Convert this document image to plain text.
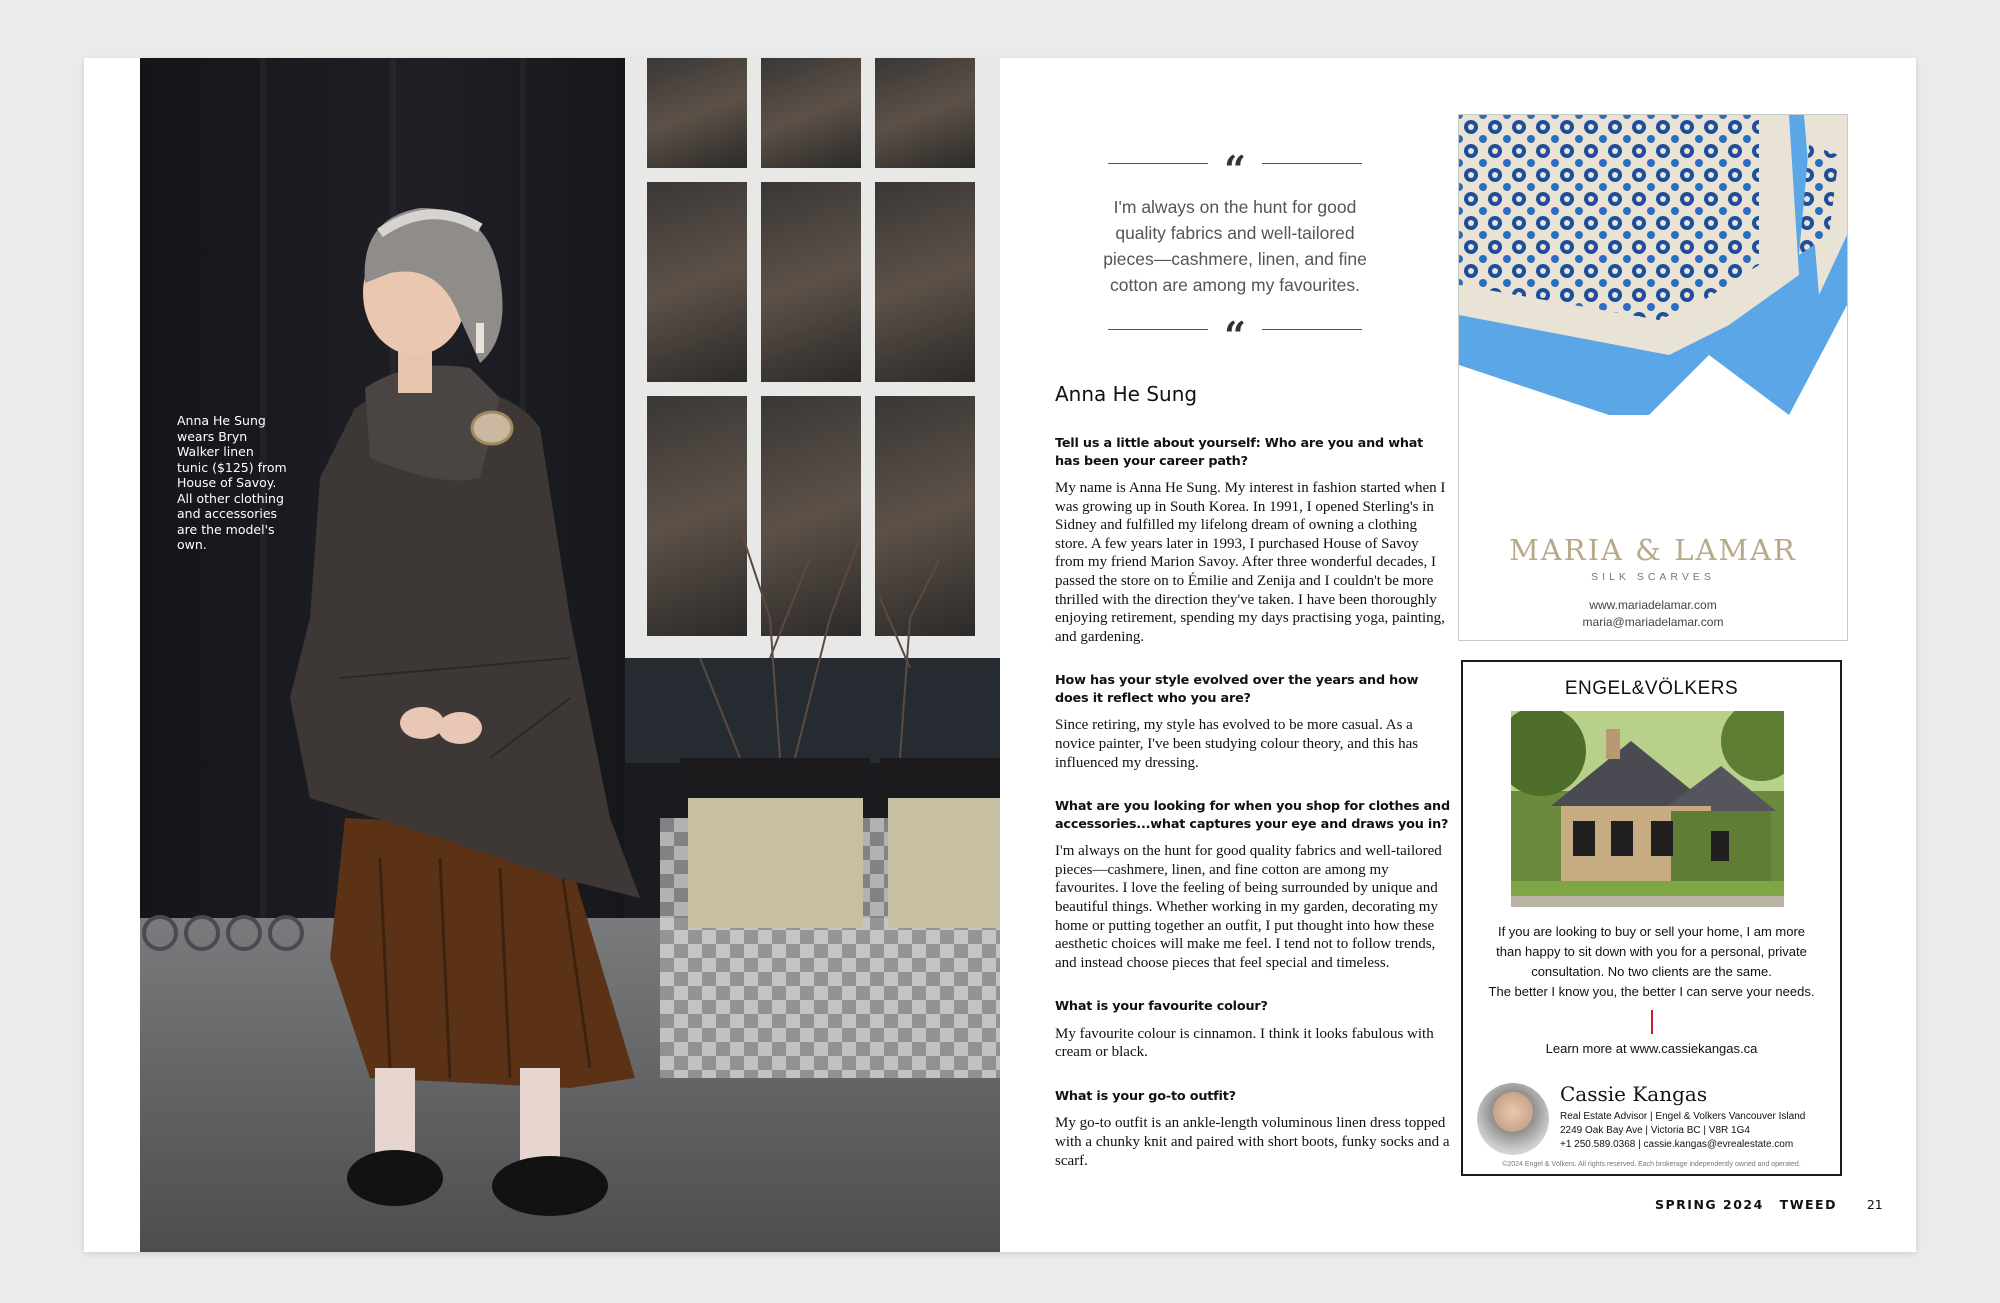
Anna He Sung wears Bryn Walker linen tunic ($125) from House of Savoy. All other clothing and accessories are the model's own.
“
I'm always on the hunt for good quality fabrics and well-tailored pieces—cashmere, linen, and fine cotton are among my favourites.
“
Anna He Sung
Tell us a little about yourself: Who are you and what has been your career path?
My name is Anna He Sung. My interest in fashion started when I was growing up in South Korea. In 1991, I opened Sterling's in Sidney and fulfilled my lifelong dream of owning a clothing store. A few years later in 1993, I purchased House of Savoy from my friend Marion Savoy. After three wonderful decades, I passed the store on to Émilie and Zenija and I couldn't be more thrilled with the direction they've taken. I have been thoroughly enjoying retirement, spending my days practising yoga, painting, and gardening.
How has your style evolved over the years and how does it reflect who you are?
Since retiring, my style has evolved to be more casual. As a novice painter, I've been studying colour theory, and this has influenced my dressing.
What are you looking for when you shop for clothes and accessories...what captures your eye and draws you in?
I'm always on the hunt for good quality fabrics and well-tailored pieces—cashmere, linen, and fine cotton are among my favourites. I love the feeling of being surrounded by unique and beautiful things. Whether working in my garden, decorating my home or putting together an outfit, I put thought into how these aesthetic choices will make me feel. I tend not to follow trends, and instead choose pieces that feel special and timeless.
What is your favourite colour?
My favourite colour is cinnamon. I think it looks fabulous with cream or black.
What is your go-to outfit?
My go-to outfit is an ankle-length voluminous linen dress topped with a chunky knit and paired with short boots, funky socks and a scarf.
MARIA & LAMAR
SILK SCARVES
www.mariadelamar.com
maria@mariadelamar.com
ENGEL&VÖLKERS
If you are looking to buy or sell your home, I am more
than happy to sit down with you for a personal, private
consultation. No two clients are the same.
The better I know you, the better I can serve your needs.
Learn more at www.cassiekangas.ca
Cassie Kangas
Real Estate Advisor | Engel & Volkers Vancouver Island
2249 Oak Bay Ave | Victoria BC | V8R 1G4
+1 250.589.0368 | cassie.kangas@evrealestate.com
©2024 Engel & Völkers. All rights reserved. Each brokerage independently owned and operated.
SPRING 2024 TWEED 21
